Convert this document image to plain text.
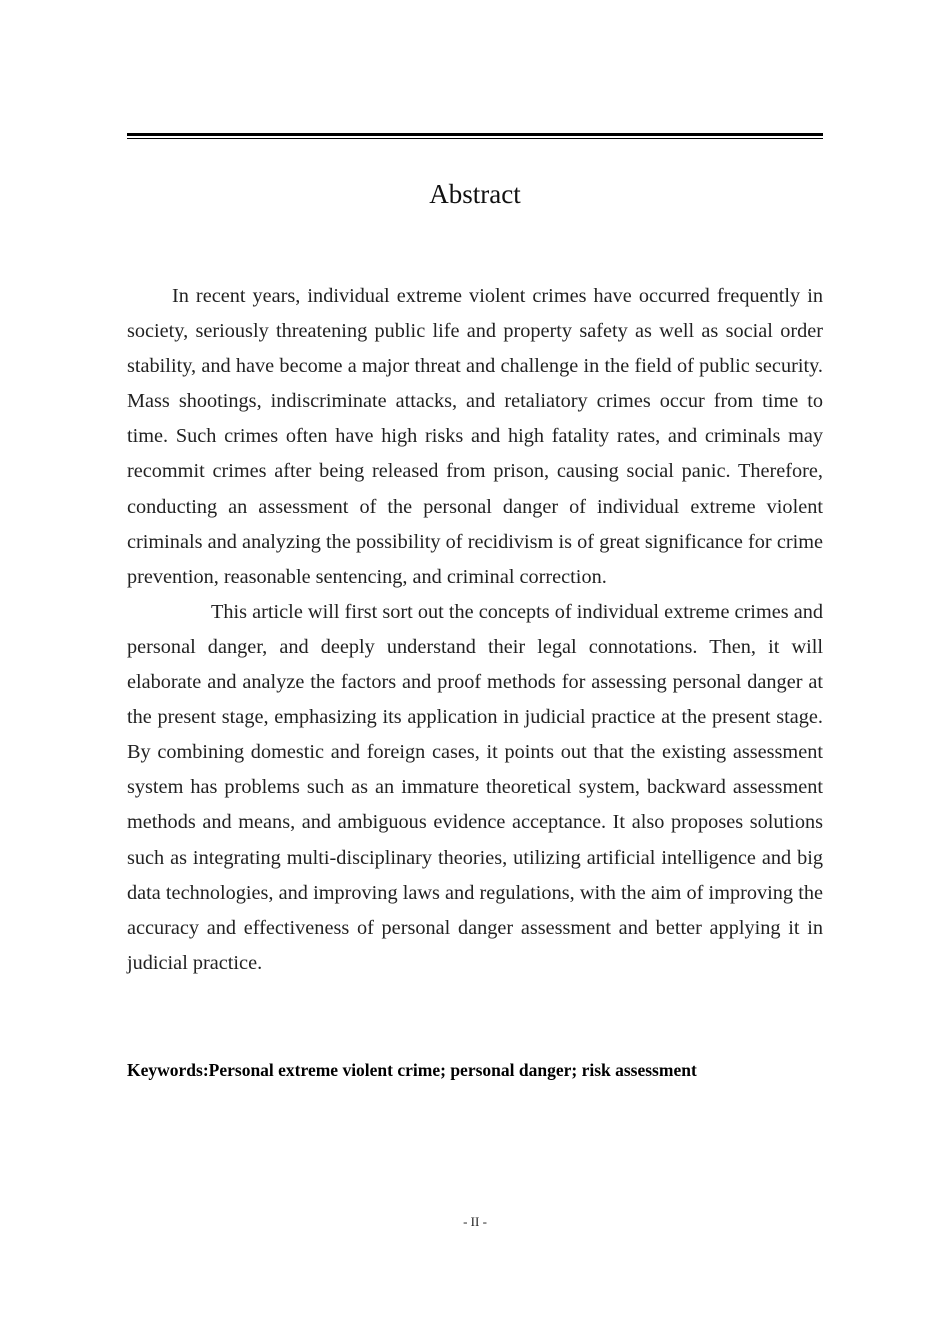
Abstract

In recent years, individual extreme violent crimes have occurred frequently in society, seriously threatening public life and property safety as well as social order stability, and have become a major threat and challenge in the field of public security. Mass shootings, indiscriminate attacks, and retaliatory crimes occur from time to time. Such crimes often have high risks and high fatality rates, and criminals may recommit crimes after being released from prison, causing social panic. Therefore, conducting an assessment of the personal danger of individual extreme violent criminals and analyzing the possibility of recidivism is of great significance for crime prevention, reasonable sentencing, and criminal correction.

This article will first sort out the concepts of individual extreme crimes and personal danger, and deeply understand their legal connotations. Then, it will elaborate and analyze the factors and proof methods for assessing personal danger at the present stage, emphasizing its application in judicial practice at the present stage. By combining domestic and foreign cases, it points out that the existing assessment system has problems such as an immature theoretical system, backward assessment methods and means, and ambiguous evidence acceptance. It also proposes solutions such as integrating multi-disciplinary theories, utilizing artificial intelligence and big data technologies, and improving laws and regulations, with the aim of improving the accuracy and effectiveness of personal danger assessment and better applying it in judicial practice.

Keywords:Personal extreme violent crime; personal danger; risk assessment

- II -
